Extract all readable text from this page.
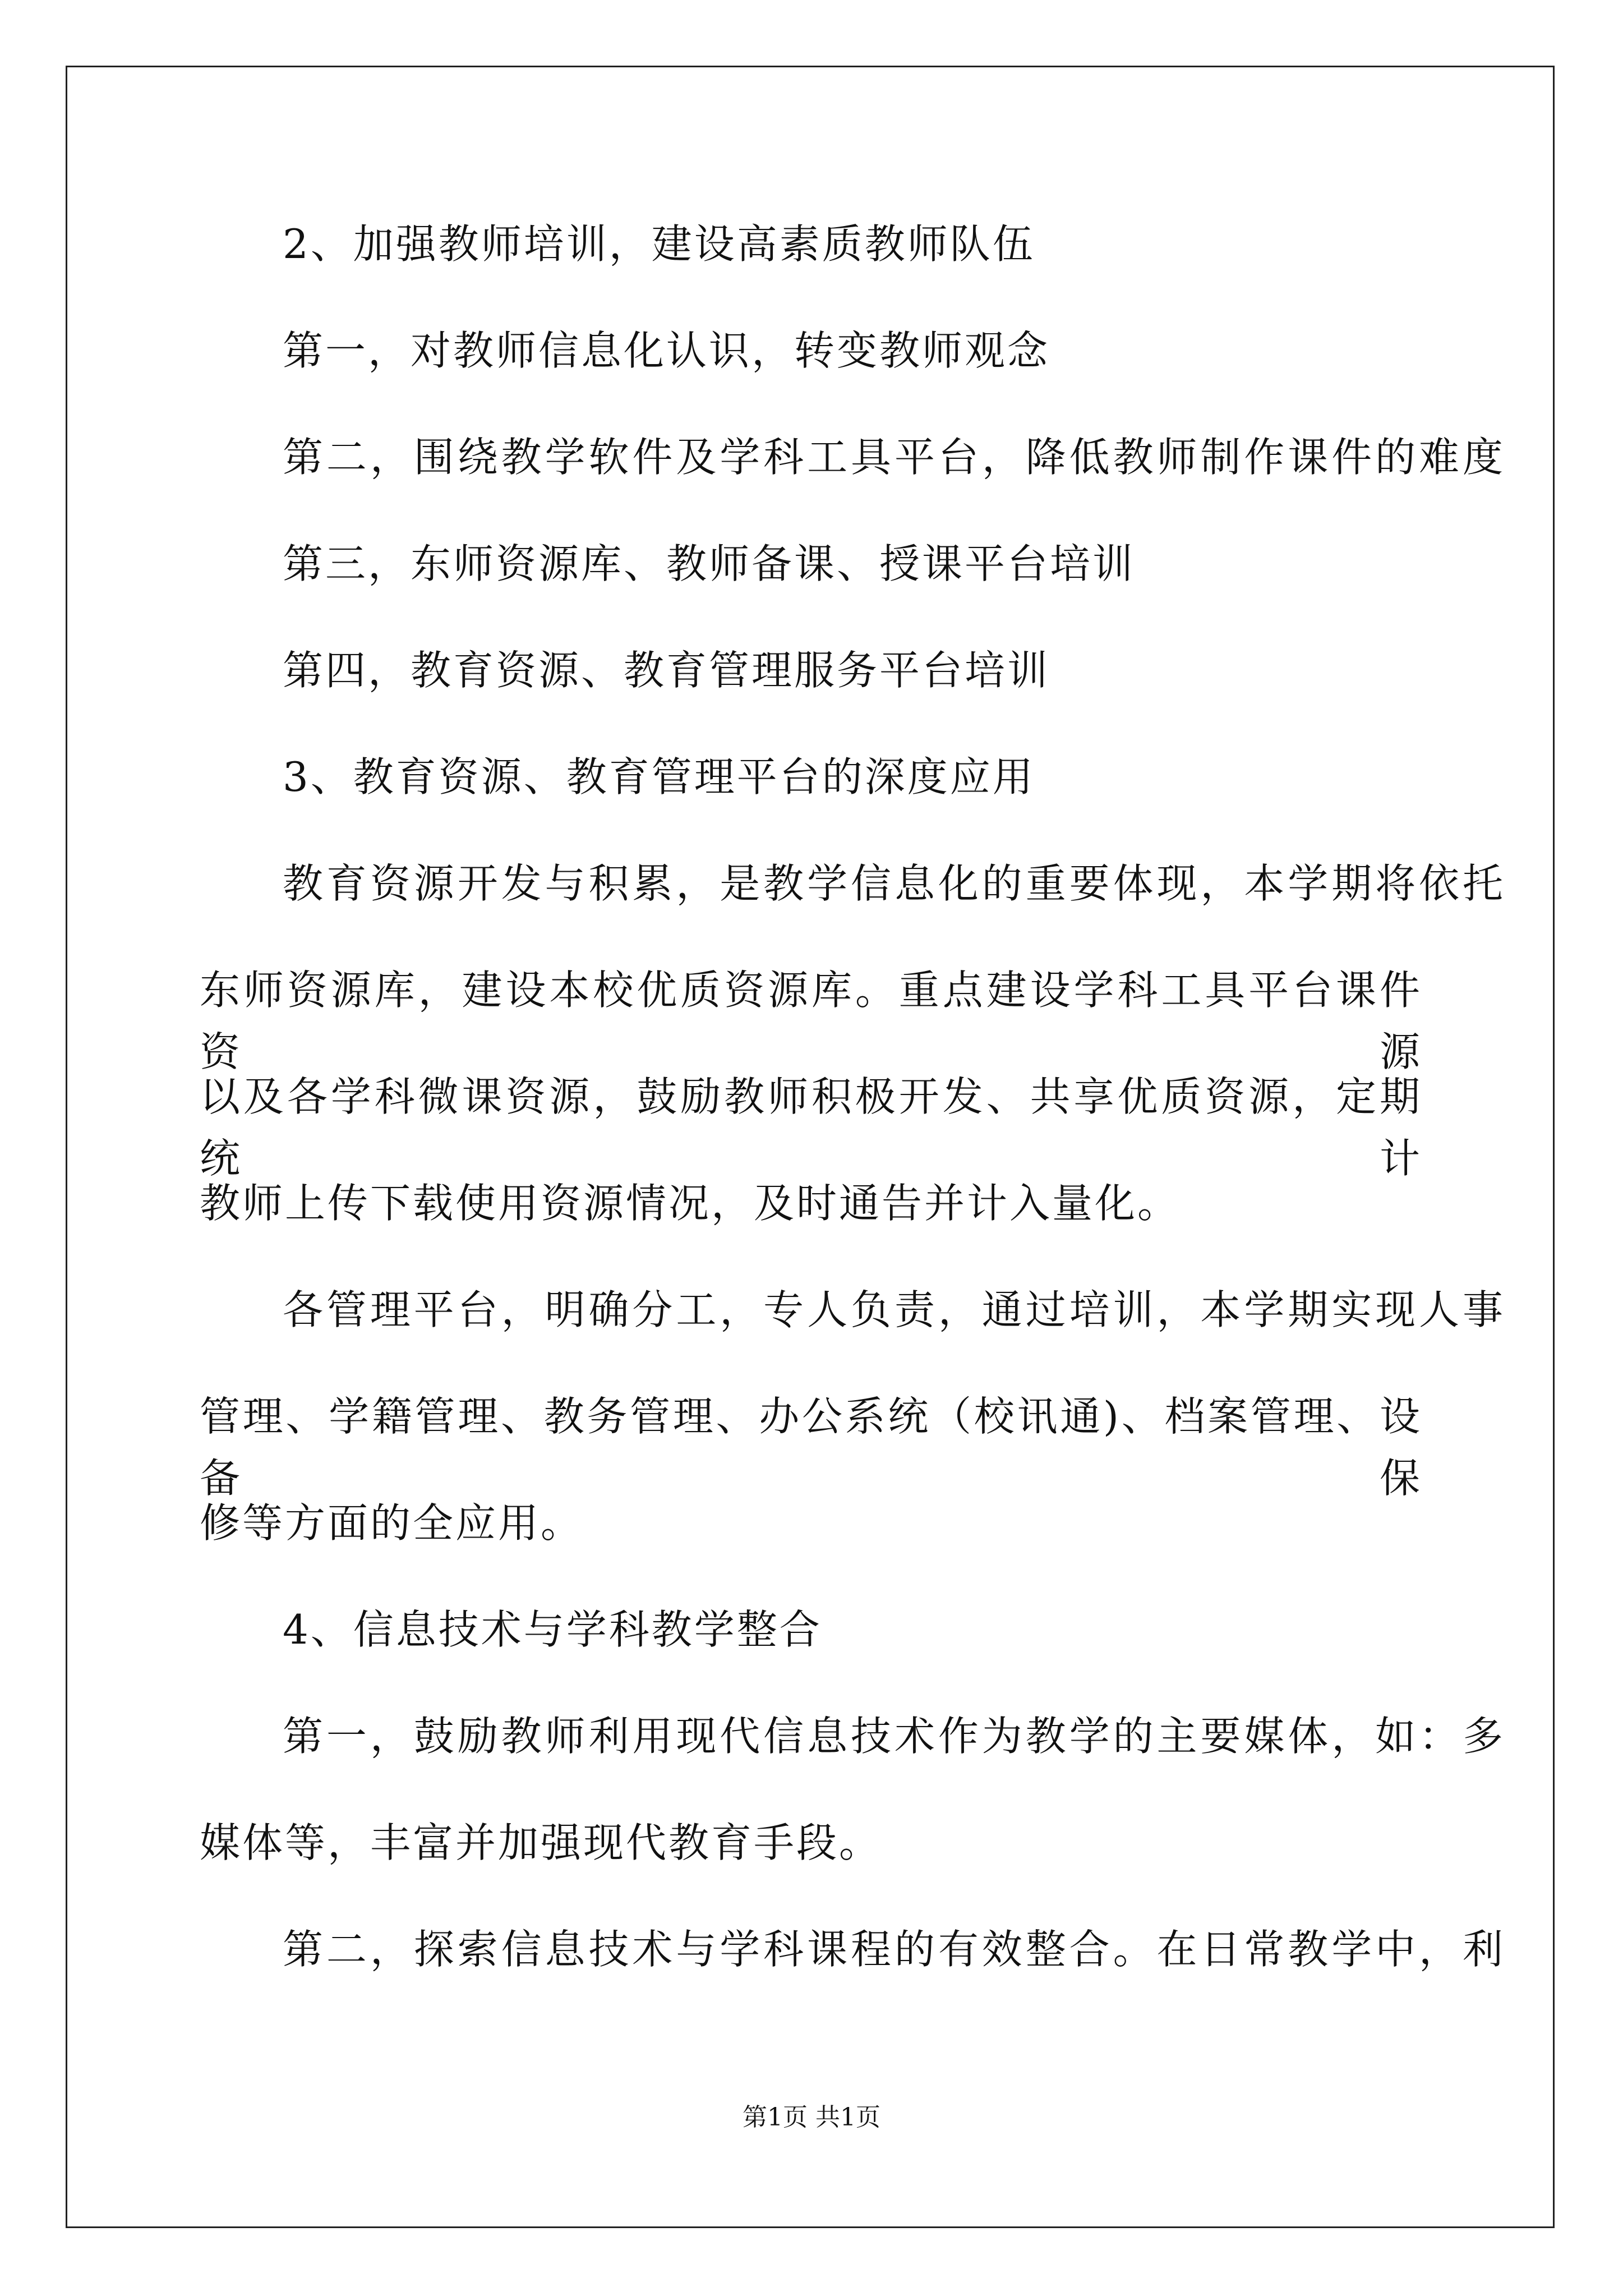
2、加强教师培训，建设高素质教师队伍
第一，对教师信息化认识，转变教师观念
第二，围绕教学软件及学科工具平台，降低教师制作课件的难度
第三，东师资源库、教师备课、授课平台培训
第四，教育资源、教育管理服务平台培训
3、教育资源、教育管理平台的深度应用
教育资源开发与积累，是教学信息化的重要体现，本学期将依托
东师资源库，建设本校优质资源库。重点建设学科工具平台课件资源
以及各学科微课资源，鼓励教师积极开发、共享优质资源，定期统计
教师上传下载使用资源情况，及时通告并计入量化。
各管理平台，明确分工，专人负责，通过培训，本学期实现人事
管理、学籍管理、教务管理、办公系统（校讯通)、档案管理、设备保
修等方面的全应用。
4、信息技术与学科教学整合
第一，鼓励教师利用现代信息技术作为教学的主要媒体，如：多
媒体等，丰富并加强现代教育手段。
第二，探索信息技术与学科课程的有效整合。在日常教学中，利
第1页 共1页
